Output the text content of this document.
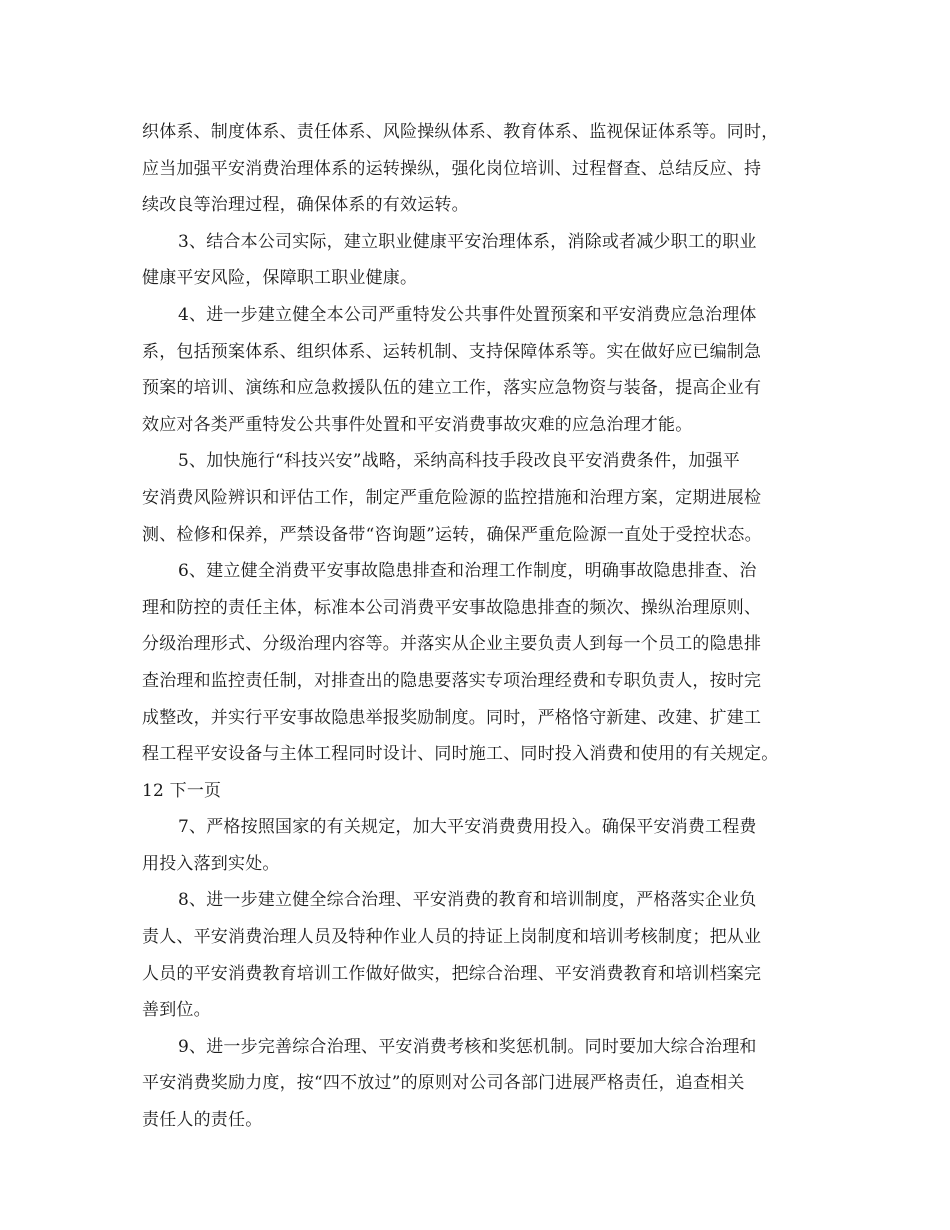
织体系、制度体系、责任体系、风险操纵体系、教育体系、监视保证体系等。同时，
应当加强平安消费治理体系的运转操纵，强化岗位培训、过程督查、总结反应、持
续改良等治理过程，确保体系的有效运转。
3、结合本公司实际，建立职业健康平安治理体系，消除或者减少职工的职业
健康平安风险，保障职工职业健康。
4、进一步建立健全本公司严重特发公共事件处置预案和平安消费应急治理体
系，包括预案体系、组织体系、运转机制、支持保障体系等。实在做好应已编制急
预案的培训、演练和应急救援队伍的建立工作，落实应急物资与装备，提高企业有
效应对各类严重特发公共事件处置和平安消费事故灾难的应急治理才能。
5、加快施行“科技兴安”战略，采纳高科技手段改良平安消费条件，加强平
安消费风险辨识和评估工作，制定严重危险源的监控措施和治理方案，定期进展检
测、检修和保养，严禁设备带“咨询题”运转，确保严重危险源一直处于受控状态。
6、建立健全消费平安事故隐患排查和治理工作制度，明确事故隐患排查、治
理和防控的责任主体，标准本公司消费平安事故隐患排查的频次、操纵治理原则、
分级治理形式、分级治理内容等。并落实从企业主要负责人到每一个员工的隐患排
查治理和监控责任制，对排查出的隐患要落实专项治理经费和专职负责人，按时完
成整改，并实行平安事故隐患举报奖励制度。同时，严格恪守新建、改建、扩建工
程工程平安设备与主体工程同时设计、同时施工、同时投入消费和使用的有关规定。
12 下一页
7、严格按照国家的有关规定，加大平安消费费用投入。确保平安消费工程费
用投入落到实处。
8、进一步建立健全综合治理、平安消费的教育和培训制度，严格落实企业负
责人、平安消费治理人员及特种作业人员的持证上岗制度和培训考核制度；把从业
人员的平安消费教育培训工作做好做实，把综合治理、平安消费教育和培训档案完
善到位。
9、进一步完善综合治理、平安消费考核和奖惩机制。同时要加大综合治理和
平安消费奖励力度，按“四不放过”的原则对公司各部门进展严格责任，追查相关
责任人的责任。
